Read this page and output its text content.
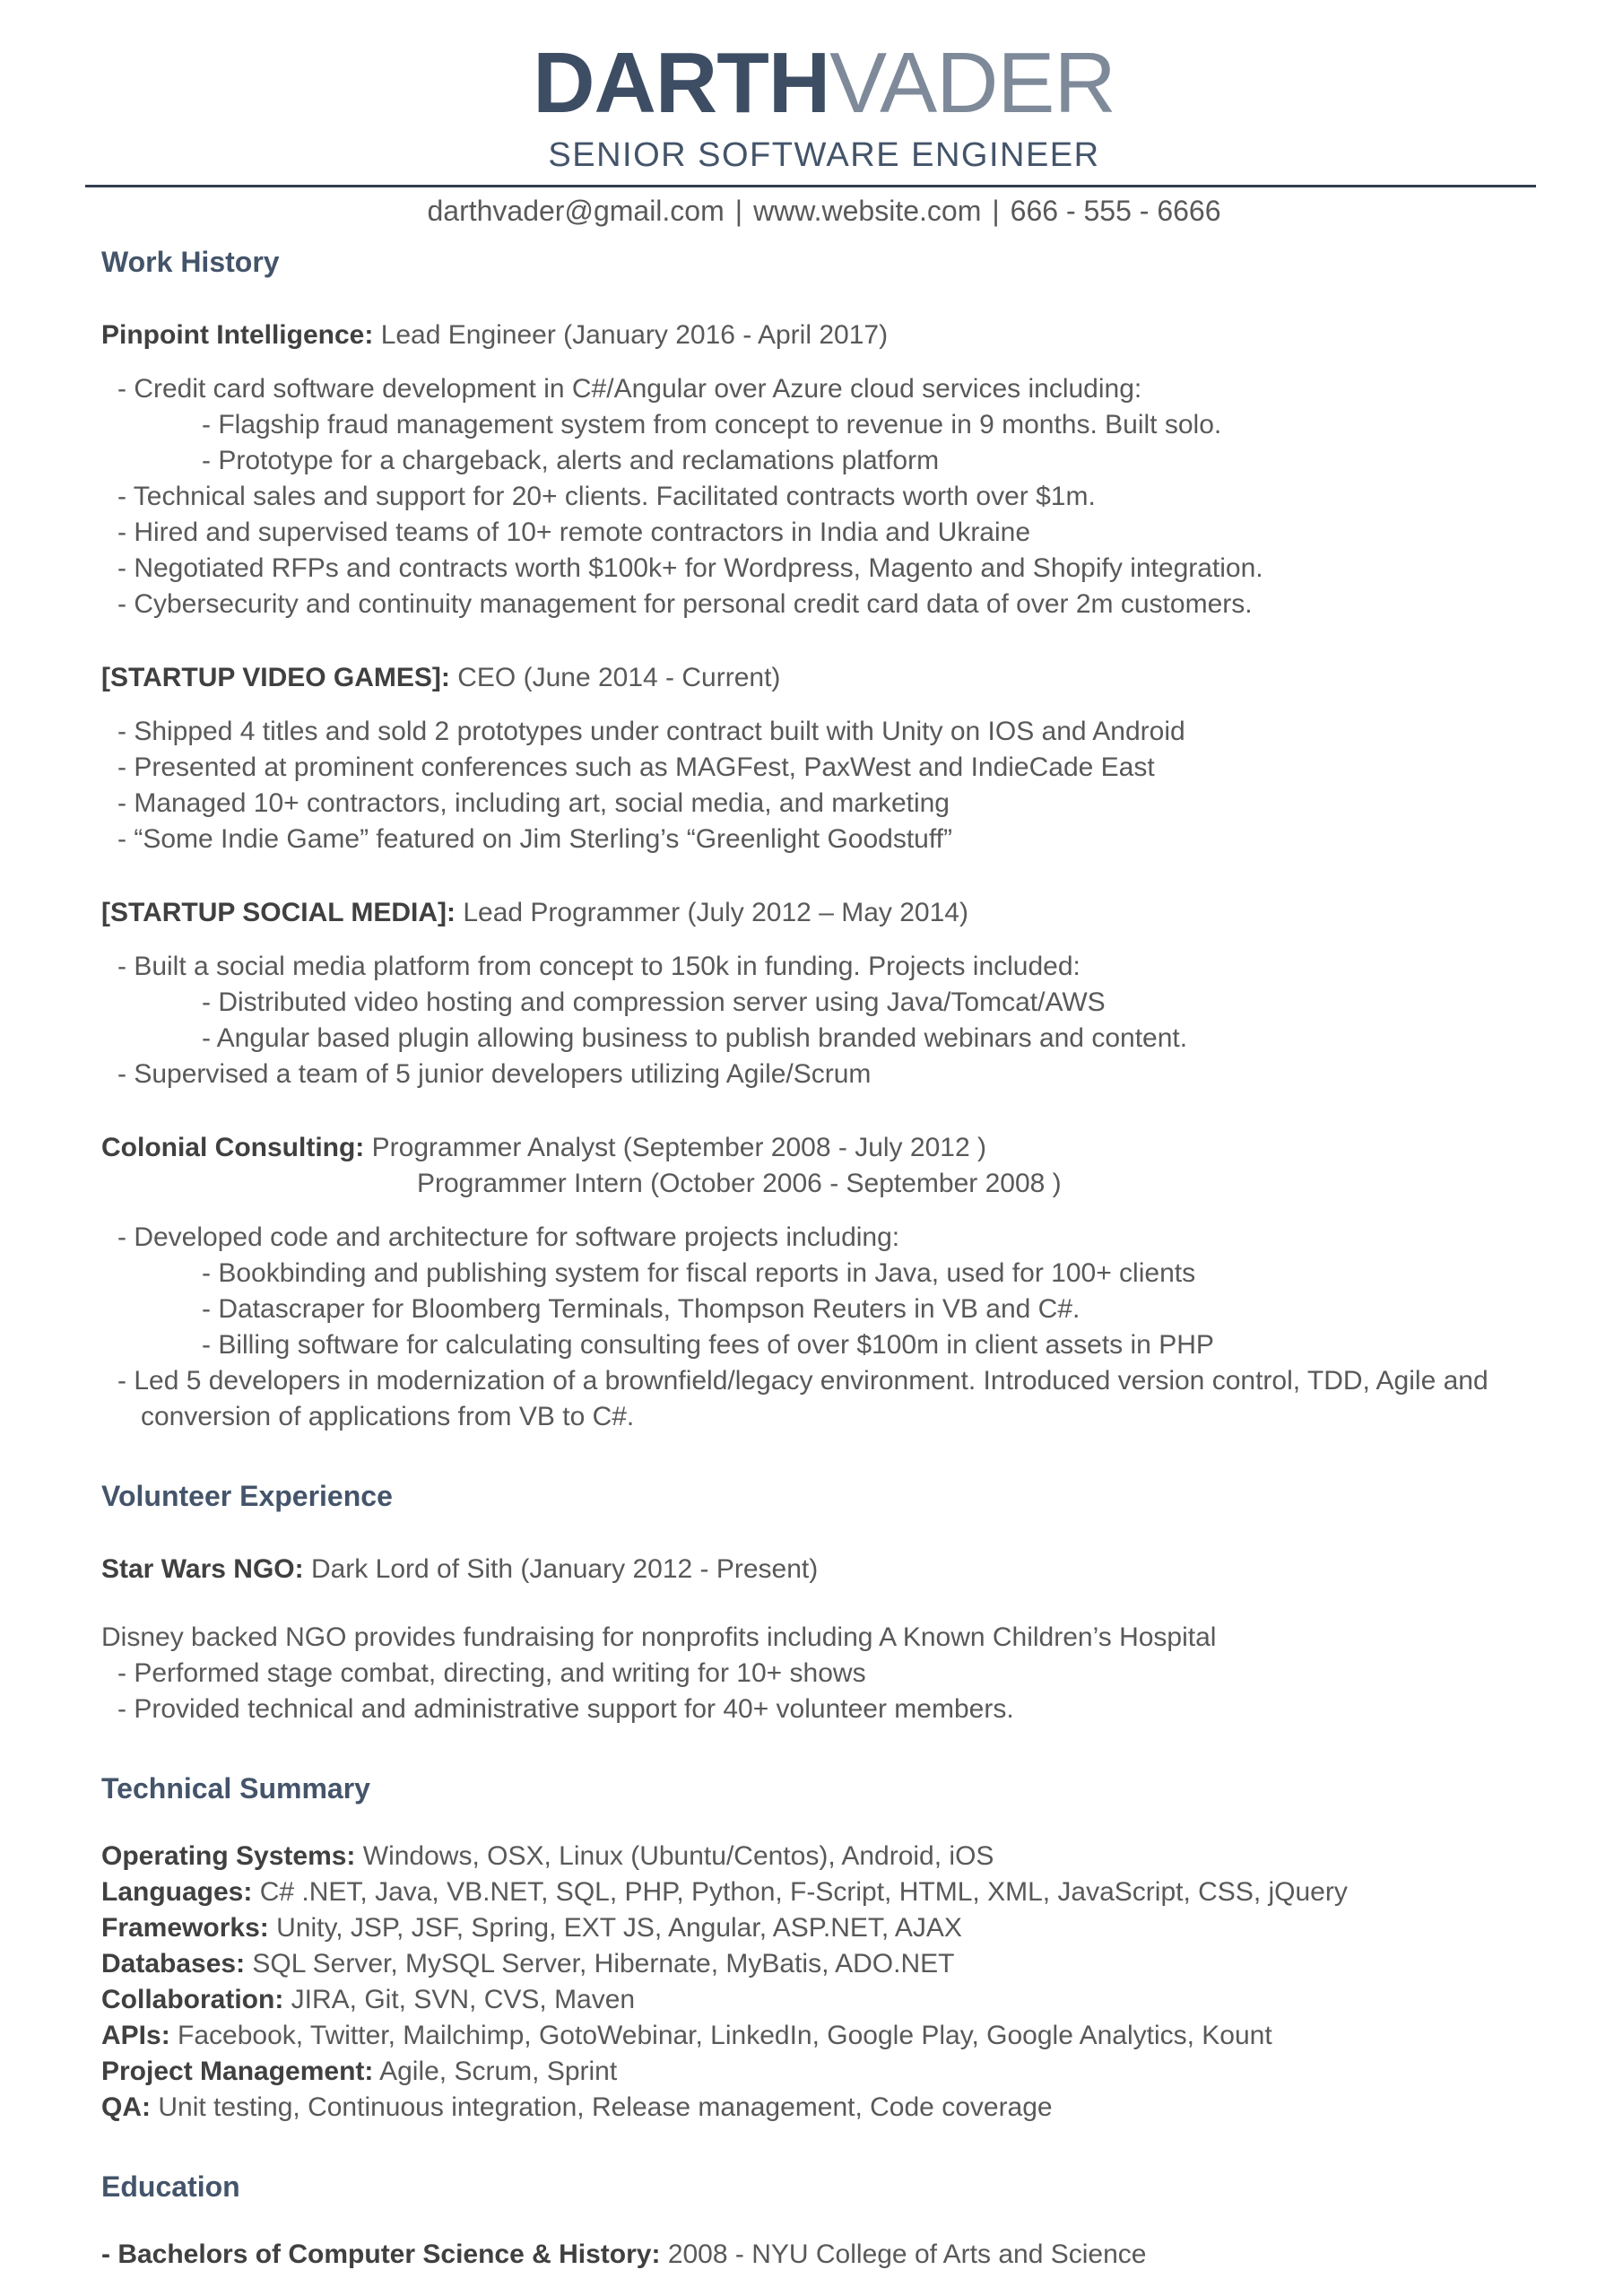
DARTHVADER
SENIOR SOFTWARE ENGINEER
darthvader@gmail.com | www.website.com | 666 - 555 - 6666
Work History

Pinpoint Intelligence: Lead Engineer (January 2016 - April 2017)

- Credit card software development in C#/Angular over Azure cloud services including:

- Flagship fraud management system from concept to revenue in 9 months. Built solo.

- Prototype for a chargeback, alerts and reclamations platform

- Technical sales and support for 20+ clients. Facilitated contracts worth over $1m.

- Hired and supervised teams of 10+ remote contractors in India and Ukraine

- Negotiated RFPs and contracts worth $100k+ for Wordpress, Magento and Shopify integration.

- Cybersecurity and continuity management for personal credit card data of over 2m customers.

[STARTUP VIDEO GAMES]: CEO (June 2014 - Current)

- Shipped 4 titles and sold 2 prototypes under contract built with Unity on IOS and Android

- Presented at prominent conferences such as MAGFest, PaxWest and IndieCade East

- Managed 10+ contractors, including art, social media, and marketing

- “Some Indie Game” featured on Jim Sterling’s “Greenlight Goodstuff”

[STARTUP SOCIAL MEDIA]: Lead Programmer (July 2012 – May 2014)

- Built a social media platform from concept to 150k in funding. Projects included:

- Distributed video hosting and compression server using Java/Tomcat/AWS

- Angular based plugin allowing business to publish branded webinars and content.

- Supervised a team of 5 junior developers utilizing Agile/Scrum

Colonial Consulting: Programmer Analyst (September 2008 - July 2012 )

Programmer Intern (October 2006 - September 2008 )

- Developed code and architecture for software projects including:

- Bookbinding and publishing system for fiscal reports in Java, used for 100+ clients

- Datascraper for Bloomberg Terminals, Thompson Reuters in VB and C#.

- Billing software for calculating consulting fees of over $100m in client assets in PHP

- Led 5 developers in modernization of a brownfield/legacy environment. Introduced version control, TDD, Agile and conversion of applications from VB to C#.

Volunteer Experience

Star Wars NGO: Dark Lord of Sith (January 2012 - Present)

Disney backed NGO provides fundraising for nonprofits including A Known Children’s Hospital

- Performed stage combat, directing, and writing for 10+ shows

- Provided technical and administrative support for 40+ volunteer members.

Technical Summary

Operating Systems: Windows, OSX, Linux (Ubuntu/Centos), Android, iOS

Languages: C# .NET, Java, VB.NET, SQL, PHP, Python, F-Script, HTML, XML, JavaScript, CSS, jQuery

Frameworks: Unity, JSP, JSF, Spring, EXT JS, Angular, ASP.NET, AJAX

Databases: SQL Server, MySQL Server, Hibernate, MyBatis, ADO.NET

Collaboration: JIRA, Git, SVN, CVS, Maven

APIs: Facebook, Twitter, Mailchimp, GotoWebinar, LinkedIn, Google Play, Google Analytics, Kount

Project Management: Agile, Scrum, Sprint

QA: Unit testing, Continuous integration, Release management, Code coverage

Education

- Bachelors of Computer Science & History: 2008 - NYU College of Arts and Science
